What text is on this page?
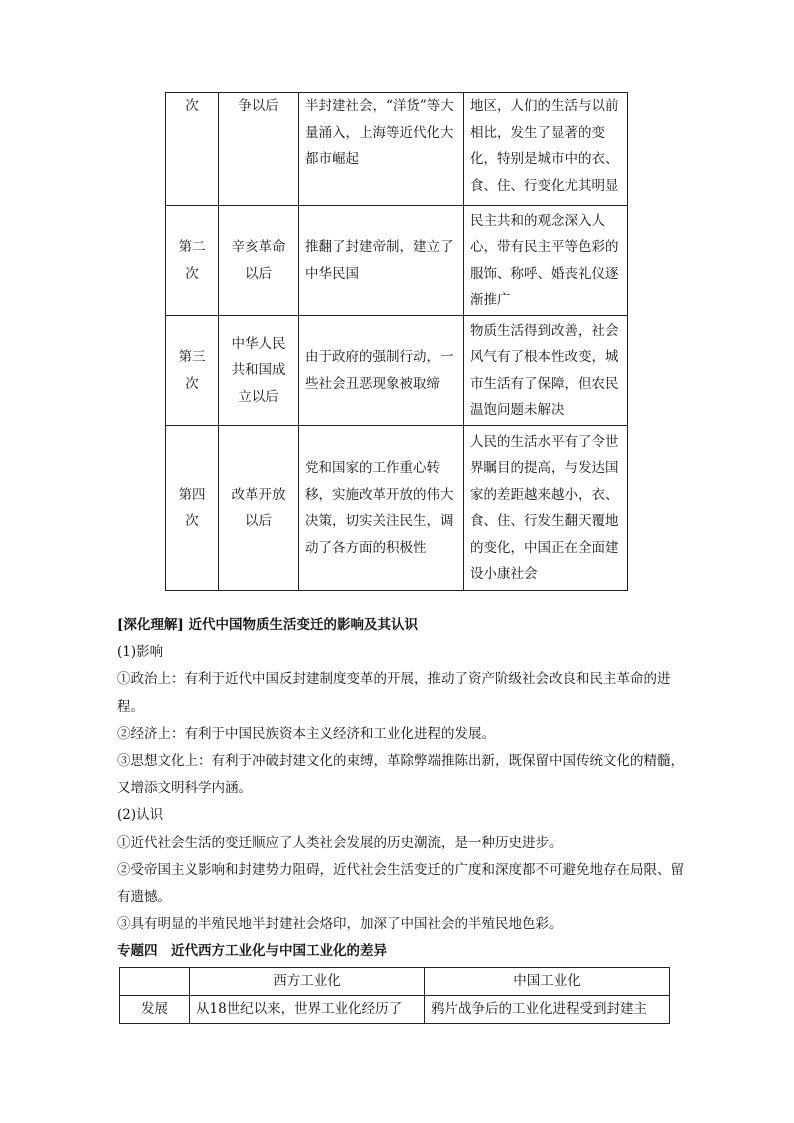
次	争以后	半封建社会，“洋货”等大量涌入，上海等近代化大都市崛起	地区，人们的生活与以前相比，发生了显著的变化，特别是城市中的衣、食、住、行变化尤其明显
第二次	辛亥革命以后	推翻了封建帝制，建立了中华民国	民主共和的观念深入人心，带有民主平等色彩的服饰、称呼、婚丧礼仪逐渐推广
第三次	中华人民共和国成立以后	由于政府的强制行动，一些社会丑恶现象被取缔	物质生活得到改善，社会风气有了根本性改变，城市生活有了保障，但农民温饱问题未解决
第四次	改革开放以后	党和国家的工作重心转移，实施改革开放的伟大决策，切实关注民生，调动了各方面的积极性	人民的生活水平有了令世界瞩目的提高，与发达国家的差距越来越小，衣、食、住、行发生翻天覆地的变化，中国正在全面建设小康社会

[深化理解] 近代中国物质生活变迁的影响及其认识

(1)影响

①政治上：有利于近代中国反封建制度变革的开展，推动了资产阶级社会改良和民主革命的进程。

②经济上：有利于中国民族资本主义经济和工业化进程的发展。

③思想文化上：有利于冲破封建文化的束缚，革除弊端推陈出新，既保留中国传统文化的精髓，又增添文明科学内涵。

(2)认识

①近代社会生活的变迁顺应了人类社会发展的历史潮流，是一种历史进步。

②受帝国主义影响和封建势力阻碍，近代社会生活变迁的广度和深度都不可避免地存在局限、留有遗憾。

③具有明显的半殖民地半封建社会烙印，加深了中国社会的半殖民地色彩。

专题四　近代西方工业化与中国工业化的差异

	西方工业化	中国工业化
发展	从18世纪以来，世界工业化经历了	鸦片战争后的工业化进程受到封建主
